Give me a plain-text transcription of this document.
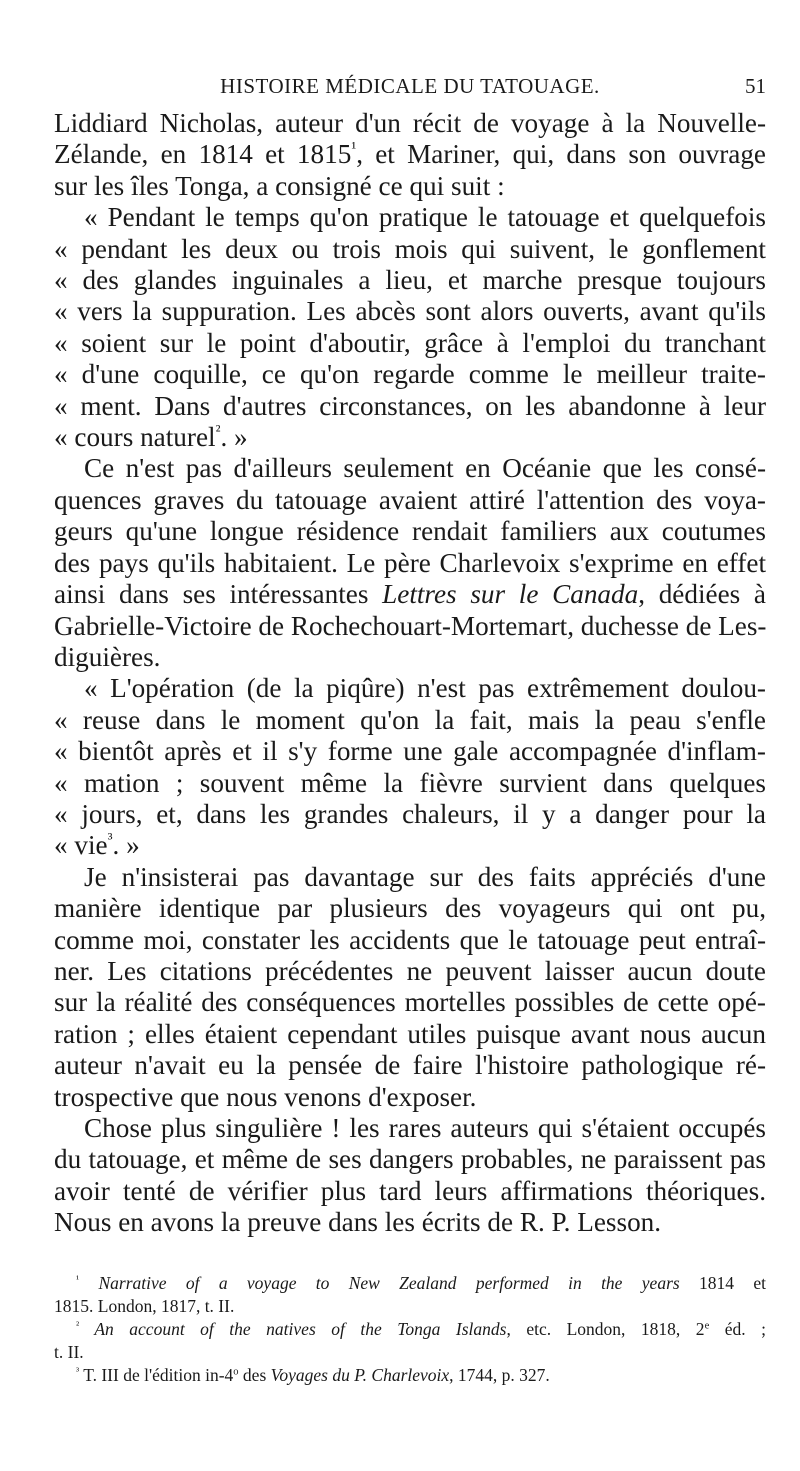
HISTOIRE MÉDICALE DU TATOUAGE.	51

Liddiard Nicholas, auteur d'un récit de voyage à la Nouvelle-
Zélande, en 1814 et $1815^{^1}$, et Mariner, qui, dans son ouvrage
sur les îles Tonga, a consigné ce qui suit :

« Pendant le temps qu'on pratique le tatouage et quelquefois
« pendant les deux ou trois mois qui suivent, le gonflement
« des glandes inguinales a lieu, et marche presque toujours
« vers la suppuration. Les abcès sont alors ouverts, avant qu'ils
« soient sur le point d'aboutir, grâce à l'emploi du tranchant
« d'une coquille, ce qu'on regarde comme le meilleur traite-
« ment. Dans d'autres circonstances, on les abandonne à leur
« cours naturel$^{^2}$. »

Ce n'est pas d'ailleurs seulement en Océanie que les consé-
quences graves du tatouage avaient attiré l'attention des voya-
geurs qu'une longue résidence rendait familiers aux coutumes
des pays qu'ils habitaient. Le père Charlevoix s'exprime en effet
ainsi dans ses intéressantes Lettres sur le Canada, dédiées à
Gabrielle-Victoire de Rochechouart-Mortemart, duchesse de Les-
diguières.

« L'opération (de la piqûre) n'est pas extrêmement doulou-
« reuse dans le moment qu'on la fait, mais la peau s'enfle
« bientôt après et il s'y forme une gale accompagnée d'inflam-
« mation ; souvent même la fièvre survient dans quelques
« jours, et, dans les grandes chaleurs, il y a danger pour la
« vie$^{^3}$. »

Je n'insisterai pas davantage sur des faits appréciés d'une
manière identique par plusieurs des voyageurs qui ont pu,
comme moi, constater les accidents que le tatouage peut entraî-
ner. Les citations précédentes ne peuvent laisser aucun doute
sur la réalité des conséquences mortelles possibles de cette opé-
ration ; elles étaient cependant utiles puisque avant nous aucun
auteur n'avait eu la pensée de faire l'histoire pathologique ré-
trospective que nous venons d'exposer.

Chose plus singulière ! les rares auteurs qui s'étaient occupés
du tatouage, et même de ses dangers probables, ne paraissent pas
avoir tenté de vérifier plus tard leurs affirmations théoriques.
Nous en avons la preuve dans les écrits de R. P. Lesson.

$^{^1}$ Narrative of a voyage to New Zealand performed in the years 1814 et
1815. London, 1817, t. II.
$^{^2}$ An account of the natives of the Tonga Islands, etc. London, 1818, 2e éd. ;
t. II.
$^{^3}$ T. III de l'édition in-4$^o$ des Voyages du P. Charlevoix, 1744, p. 327.
